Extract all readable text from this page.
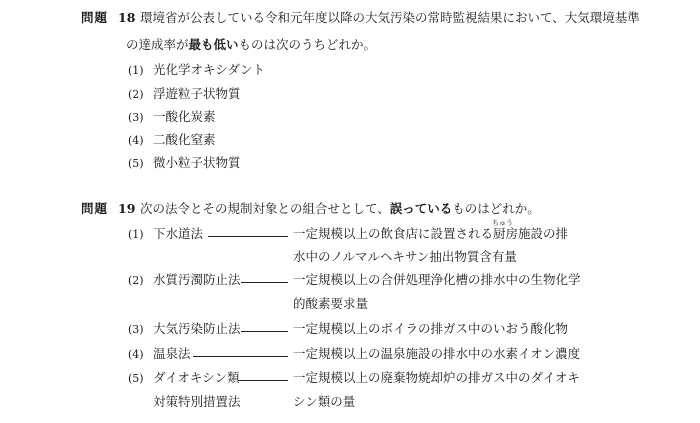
問題 18 環境省が公表している令和元年度以降の大気汚染の常時監視結果において、大気環境基準
の達成率が最も低いものは次のうちどれか。
(1) 光化学オキシダント
(2) 浮遊粒子状物質
(3) 一酸化炭素
(4) 二酸化窒素
(5) 微小粒子状物質
問題 19 次の法令とその規制対象との組合せとして、誤っているものはどれか。
(1) 下水道法	一定規模以上の飲食店に設置される
ちゅう
厨房施設の排
水中のノルマルヘキサン抽出物質含有量
(2) 水質汚濁防止法	一定規模以上の合併処理浄化槽の排水中の生物化学
的酸素要求量
(3) 大気汚染防止法	一定規模以上のボイラの排ガス中のいおう酸化物
(4) 温泉法	一定規模以上の温泉施設の排水中の水素イオン濃度
(5) ダイオキシン類	一定規模以上の廃棄物焼却炉の排ガス中のダイオキ
対策特別措置法	シン類の量
